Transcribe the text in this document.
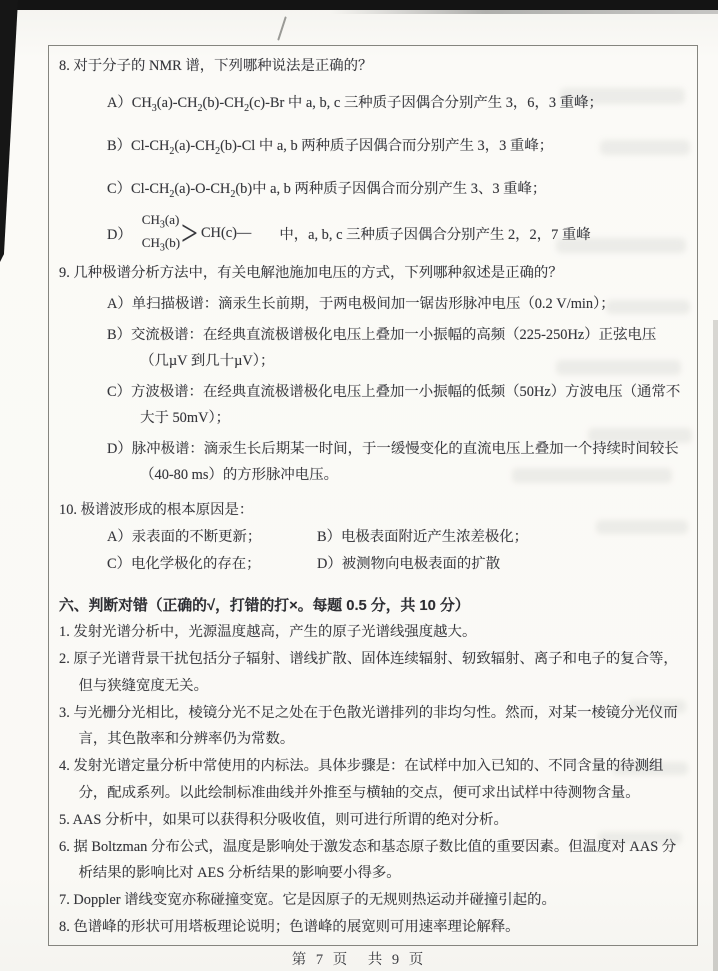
8. 对于分子的 NMR 谱，下列哪种说法是正确的？
$A)CH_3(a)-CH_2(b)-CH_2(c)-Br$ 中 a, b, c 三种质子因偶合分别产生 3，6，3 重峰；
$B)Cl-CH_2(a)-CH_2(b)-Cl$ 中 a, b 两种质子因偶合而分别产生 3，3 重峰；
$C)Cl-CH_2(a)-O-CH_2(b)$中 a, b 两种质子因偶合而分别产生 3、3 重峰；
D）
$CH_3(a)$
$CH_3(b)$ > CH(c)— 中，a, b, c 三种质子因偶合分别产生 2，2，7 重峰
9. 几种极谱分析方法中，有关电解池施加电压的方式，下列哪种叙述是正确的？
A）单扫描极谱：滴汞生长前期，于两电极间加一锯齿形脉冲电压（0.2 V/min）；
B）交流极谱：在经典直流极谱极化电压上叠加一小振幅的高频（225-250Hz）正弦电压（几µV 到几十µV）；
C）方波极谱：在经典直流极谱极化电压上叠加一小振幅的低频（50Hz）方波电压（通常不大于 50mV）；
D）脉冲极谱：滴汞生长后期某一时间，于一缓慢变化的直流电压上叠加一个持续时间较长（40-80 ms）的方形脉冲电压。
10. 极谱波形成的根本原因是：
A）汞表面的不断更新；	B）电极表面附近产生浓差极化；
C）电化学极化的存在；	D）被测物向电极表面的扩散
六、判断对错（正确的√，打错的打×。每题 0.5 分，共 10 分）
1. 发射光谱分析中，光源温度越高，产生的原子光谱线强度越大。
2. 原子光谱背景干扰包括分子辐射、谱线扩散、固体连续辐射、轫致辐射、离子和电子的复合等，但与狭缝宽度无关。
3. 与光栅分光相比，棱镜分光不足之处在于色散光谱排列的非均匀性。然而，对某一棱镜分光仪而言，其色散率和分辨率仍为常数。
4. 发射光谱定量分析中常使用的内标法。具体步骤是：在试样中加入已知的、不同含量的待测组分，配成系列。以此绘制标准曲线并外推至与横轴的交点，便可求出试样中待测物含量。
5. AAS 分析中，如果可以获得积分吸收值，则可进行所谓的绝对分析。
6. 据 Boltzman 分布公式，温度是影响处于激发态和基态原子数比值的重要因素。但温度对 AAS 分析结果的影响比对 AES 分析结果的影响要小得多。
7. Doppler 谱线变宽亦称碰撞变宽。它是因原子的无规则热运动并碰撞引起的。
8. 色谱峰的形状可用塔板理论说明；色谱峰的展宽则可用速率理论解释。
第 7 页　共 9 页
